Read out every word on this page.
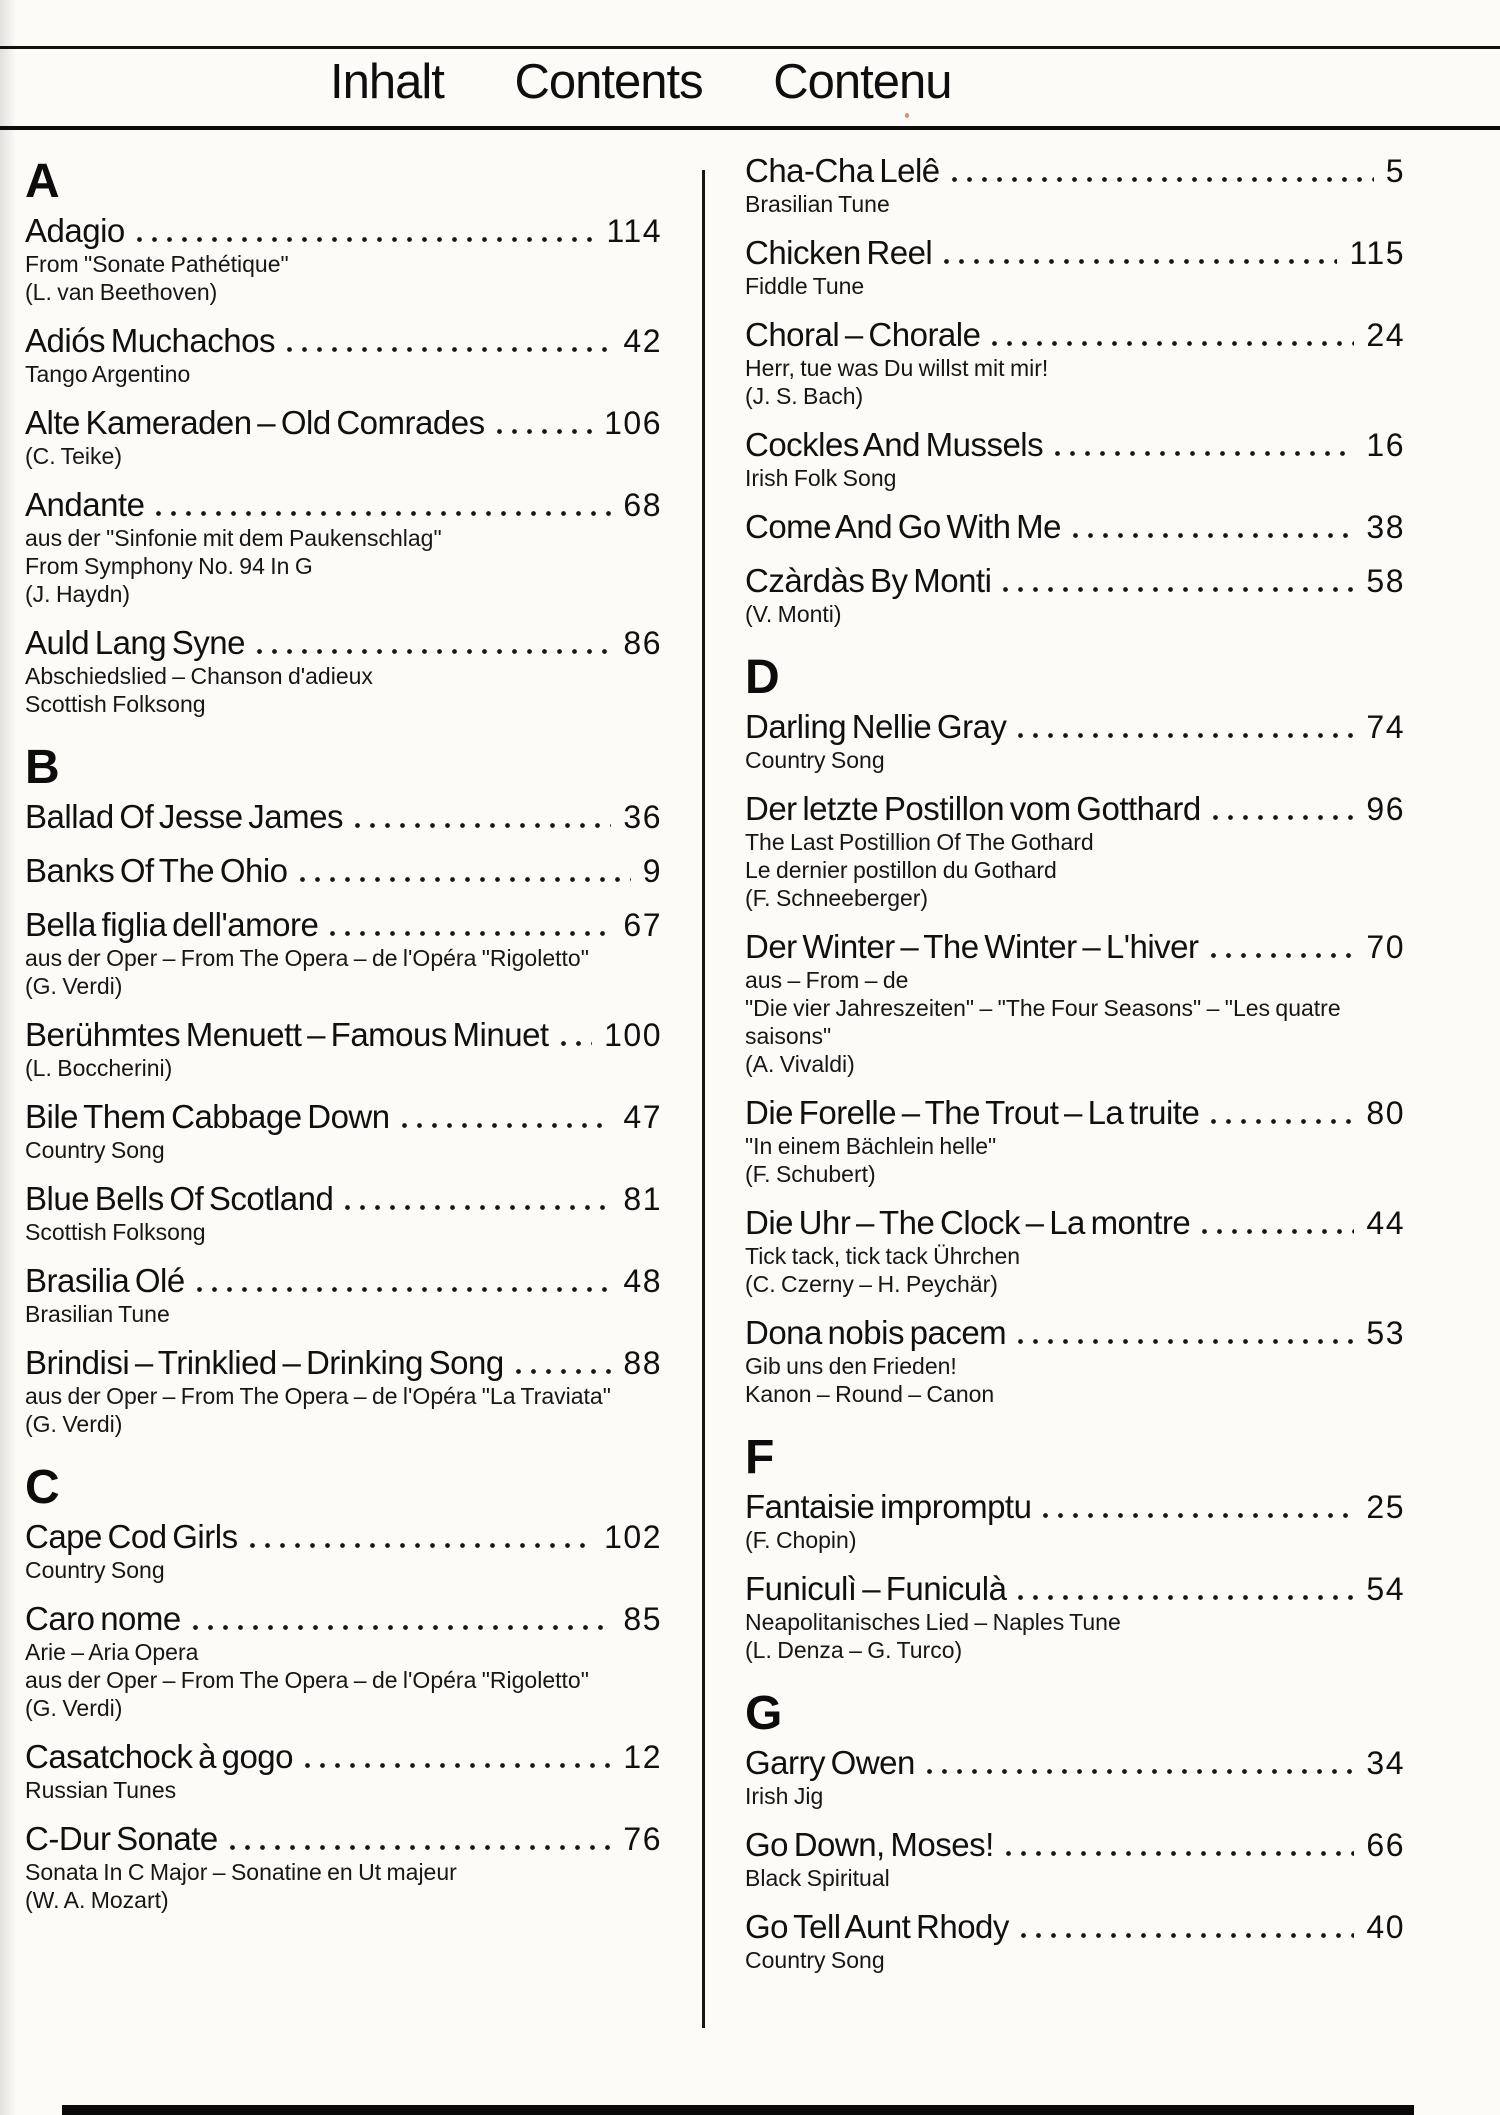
Inhalt Contents Contenu
A
Adagio	114
From "Sonate Pathétique"
(L. van Beethoven)
Adiós Muchachos	42
Tango Argentino
Alte Kameraden – Old Comrades	106
(C. Teike)
Andante	68
aus der "Sinfonie mit dem Paukenschlag"
From Symphony No. 94 In G
(J. Haydn)
Auld Lang Syne	86
Abschiedslied – Chanson d'adieux
Scottish Folksong
B
Ballad Of Jesse James	36
Banks Of The Ohio	9
Bella figlia dell'amore	67
aus der Oper – From The Opera – de l'Opéra "Rigoletto"
(G. Verdi)
Berühmtes Menuett – Famous Minuet 100
(L. Boccherini)
Bile Them Cabbage Down	47
Country Song
Blue Bells Of Scotland	81
Scottish Folksong
Brasilia Olé	48
Brasilian Tune
Brindisi – Trinklied – Drinking Song	88
aus der Oper – From The Opera – de l'Opéra "La Traviata"
(G. Verdi)
C
Cape Cod Girls	102
Country Song
Caro nome	85
Arie – Aria Opera
aus der Oper – From The Opera – de l'Opéra "Rigoletto"
(G. Verdi)
Casatchock à gogo	12
Russian Tunes
C-Dur Sonate	76
Sonata In C Major – Sonatine en Ut majeur
(W. A. Mozart)
Cha-Cha Lelê	5
Brasilian Tune
Chicken Reel	115
Fiddle Tune
Choral – Chorale	24
Herr, tue was Du willst mit mir!
(J. S. Bach)
Cockles And Mussels	16
Irish Folk Song
Come And Go With Me	38
Czàrdàs By Monti	58
(V. Monti)
D
Darling Nellie Gray	74
Country Song
Der letzte Postillon vom Gotthard	96
The Last Postillion Of The Gothard
Le dernier postillon du Gothard
(F. Schneeberger)
Der Winter – The Winter – L'hiver	70
aus – From – de
"Die vier Jahreszeiten" – "The Four Seasons" – "Les quatre saisons"
(A. Vivaldi)
Die Forelle – The Trout – La truite	80
"In einem Bächlein helle"
(F. Schubert)
Die Uhr – The Clock – La montre	44
Tick tack, tick tack Ührchen
(C. Czerny – H. Peychär)
Dona nobis pacem	53
Gib uns den Frieden!
Kanon – Round – Canon
F
Fantaisie impromptu	25
(F. Chopin)
Funiculì – Funiculà	54
Neapolitanisches Lied – Naples Tune
(L. Denza – G. Turco)
G
Garry Owen	34
Irish Jig
Go Down, Moses!	66
Black Spiritual
Go Tell Aunt Rhody	40
Country Song
